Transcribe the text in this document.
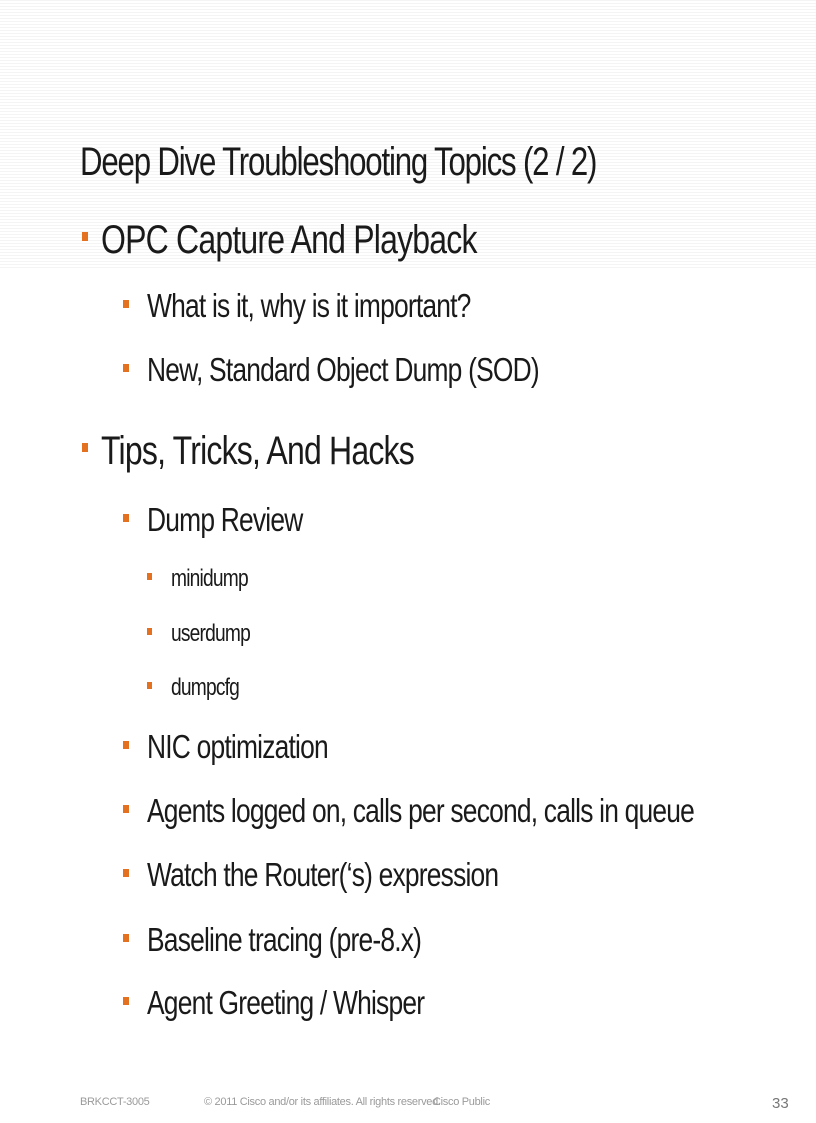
Deep Dive Troubleshooting Topics (2 / 2)
OPC Capture And Playback
What is it, why is it important?
New, Standard Object Dump (SOD)
Tips, Tricks, And Hacks
Dump Review
minidump
userdump
dumpcfg
NIC optimization
Agents logged on, calls per second, calls in queue
Watch the Router(‘s) expression
Baseline tracing (pre-8.x)
Agent Greeting / Whisper
BRKCCT-3005	© 2011 Cisco and/or its affiliates. All rights reserved.
Cisco Public	33
